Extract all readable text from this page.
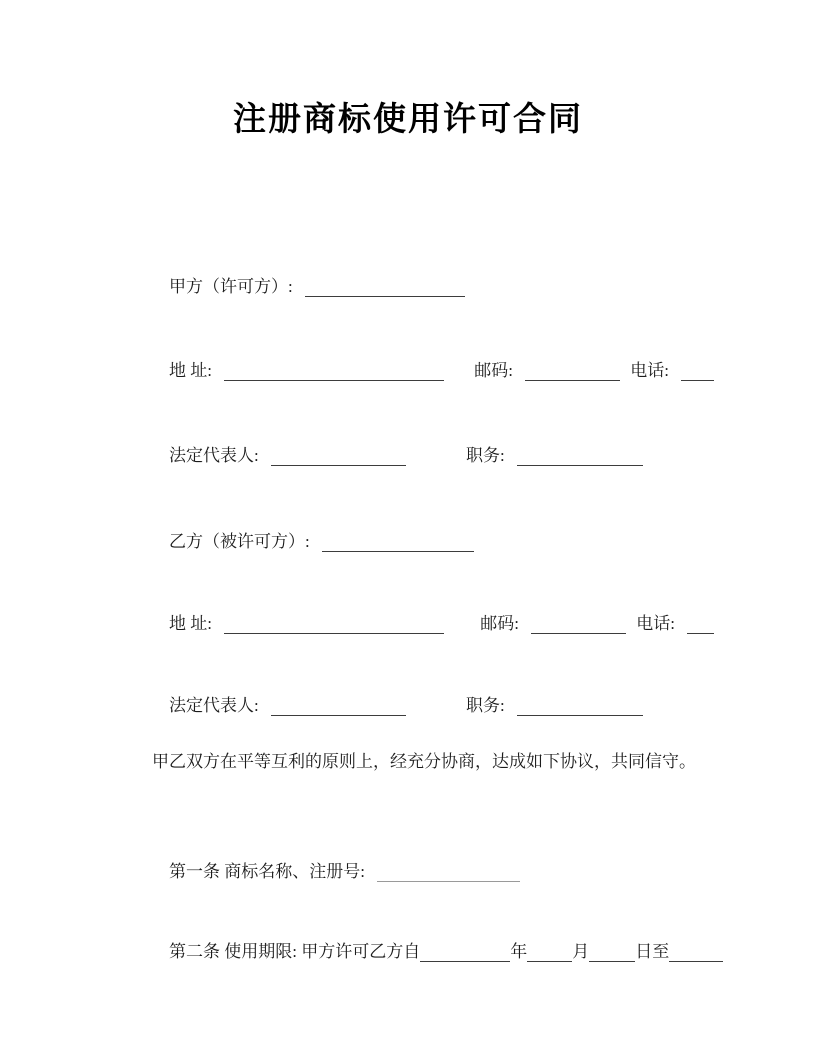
注册商标使用许可合同

甲方（许可方）:

地 址:	邮码:	电话:

法定代表人:	职务:

乙方（被许可方）:

地 址:	邮码:	电话:

法定代表人:	职务:

甲乙双方在平等互利的原则上，经充分协商，达成如下协议，共同信守。

第一条 商标名称、注册号:

第二条 使用期限: 甲方许可乙方自	年	月	日至
